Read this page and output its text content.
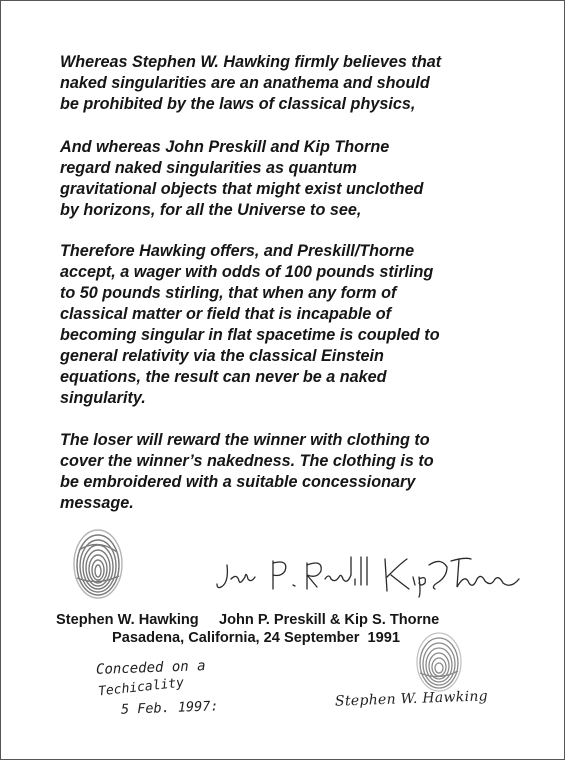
Whereas Stephen W. Hawking firmly believes that
naked singularities are an anathema and should
be prohibited by the laws of classical physics,

And whereas John Preskill and Kip Thorne
regard naked singularities as quantum
gravitational objects that might exist unclothed
by horizons, for all the Universe to see,

Therefore Hawking offers, and Preskill/Thorne
accept, a wager with odds of 100 pounds stirling
to 50 pounds stirling, that when any form of
classical matter or field that is incapable of
becoming singular in flat spacetime is coupled to
general relativity via the classical Einstein
equations, the result can never be a naked
singularity.

The loser will reward the winner with clothing to
cover the winner’s nakedness. The clothing is to
be embroidered with a suitable concessionary
message.

Stephen W. Hawking     John P. Preskill & Kip S. Thorne

Pasadena, California, 24 September  1991

Conceded on a

Techicality

5 Feb. 1997:	Stephen W. Hawking
